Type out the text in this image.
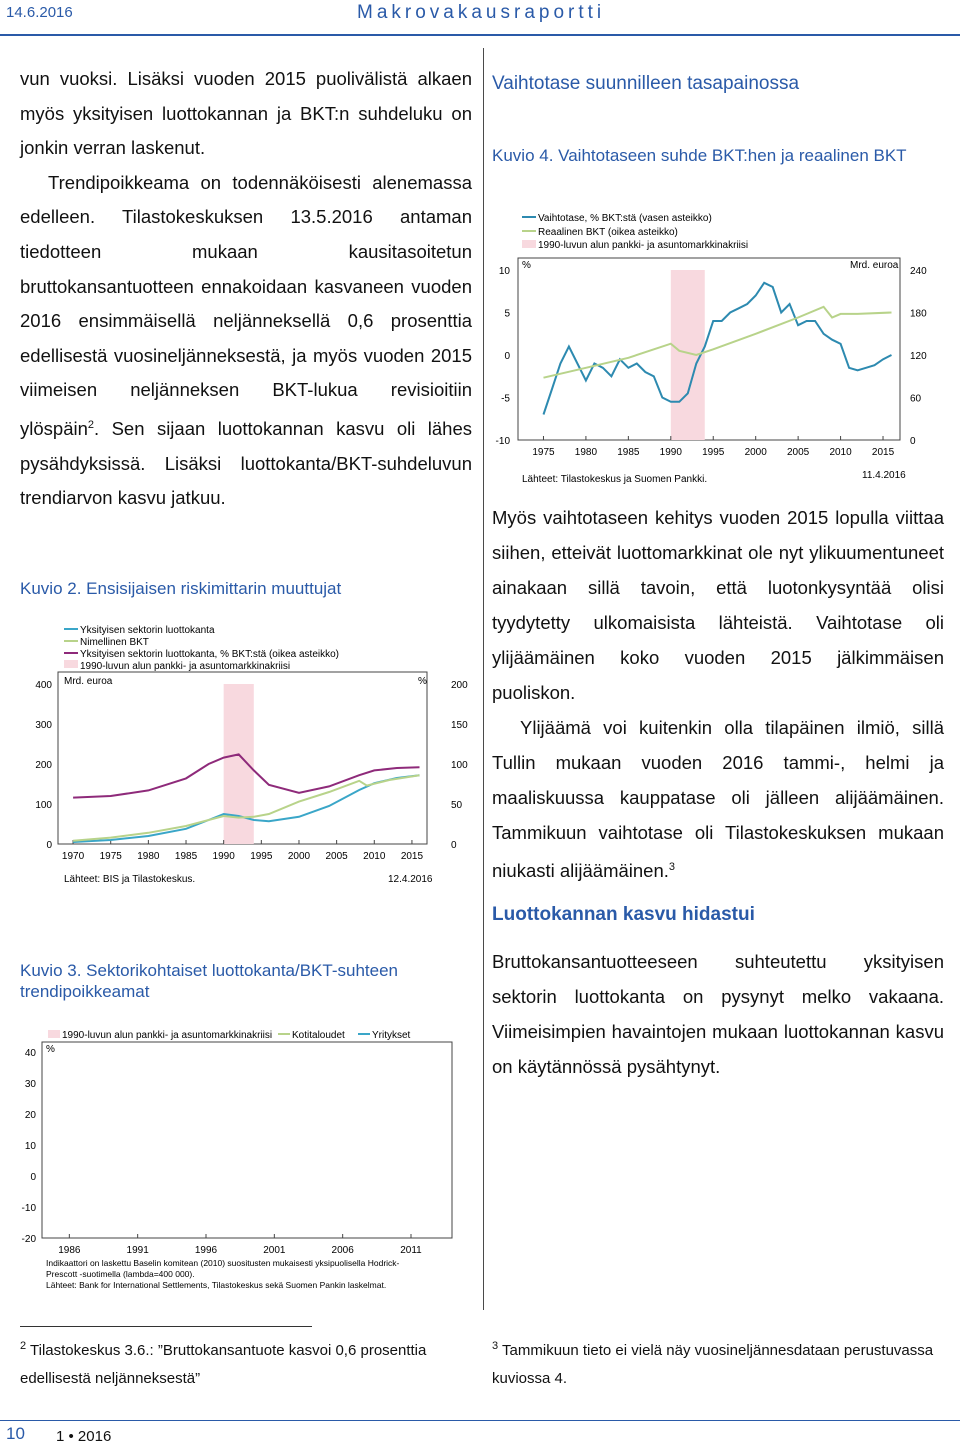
14.6.2016	Makrovakausraportti

vun vuoksi. Lisäksi vuoden 2015 puolivälistä alkaen myös yksityisen luottokannan ja BKT:n suhdeluku on jonkin verran laskenut.

Trendipoikkeama on todennäköisesti alenemassa edelleen. Tilastokeskuksen 13.5.2016 antaman tiedotteen mukaan kausitasoitetun bruttokansantuotteen ennakoidaan kasvaneen vuoden 2016 ensimmäisellä neljänneksellä 0,6 prosenttia edellisestä vuosineljänneksestä, ja myös vuoden 2015 viimeisen neljänneksen BKT-lukua revisioitiin ylöspäin$^2$. Sen sijaan luottokannan kasvu oli lähes pysähdyksissä. Lisäksi luottokanta/BKT-suhdeluvun trendiarvon kasvu jatkuu.

Kuvio 2. Ensisijaisen riskimittarin muuttujat
Yksityisen sektorin luottokanta
Nimellinen BKT
Yksityisen sektorin luottokanta, % BKT:stä (oikea asteikko)
1990-luvun alun pankki- ja asuntomarkkinakriisi
Mrd. euroa	%
0
100
200
300
400
0
50
100
150
200
1970 1975 1980 1985 1990 1995 2000 2005 2010 2015
Lähteet: BIS ja Tilastokeskus.	12.4.2016
Kuvio 3. Sektorikohtaiset luottokanta/BKT-suhteen trendipoikkeamat
1990-luvun alun pankki- ja asuntomarkkinakriisi Kotitaloudet	Yritykset
%
-20
-10
0
10
20
30
40
1986	1991	1996	2001	2006	2011
Indikaattori on laskettu Baselin komitean (2010) suositusten mukaisesti yksipuolisella Hodrick-
Prescott -suotimella (lambda=400 000).
Lähteet: Bank for International Settlements, Tilastokeskus sekä Suomen Pankin laskelmat.
Vaihtotase suunnilleen tasapainossa
Kuvio 4. Vaihtotaseen suhde BKT:hen ja reaalinen BKT
Vaihtotase, % BKT:stä (vasen asteikko)
Reaalinen BKT (oikea asteikko)
1990-luvun alun pankki- ja asuntomarkkinakriisi
%	Mrd. euroa
-10
-5
0
5
10
0
60
120
180
240
1975 1980 1985 1990 1995 2000 2005 2010 2015
Lähteet: Tilastokeskus ja Suomen Pankki.	11.4.2016

Myös vaihtotaseen kehitys vuoden 2015 lopulla viittaa siihen, etteivät luottomarkkinat ole nyt ylikuumentuneet ainakaan sillä tavoin, että luotonkysyntää olisi tyydytetty ulkomaisista lähteistä. Vaihtotase oli ylijäämäinen koko vuoden 2015 jälkimmäisen puoliskon.

Ylijäämä voi kuitenkin olla tilapäinen ilmiö, sillä Tullin mukaan vuoden 2016 tammi-, helmi ja maaliskuussa kauppatase oli jälleen alijäämäinen. Tammikuun vaihtotase oli Tilastokeskuksen mukaan niukasti alijäämäinen.$^3$

Luottokannan kasvu hidastui

Bruttokansantuotteeseen suhteutettu yksityisen sektorin luottokanta on pysynyt melko vakaana. Viimeisimpien havaintojen mukaan luottokannan kasvu on käytännössä pysähtynyt.

$^2$ Tilastokeskus 3.6.: ”Bruttokansantuote kasvoi 0,6 prosenttia edellisestä neljänneksestä”
$^3$ Tammikuun tieto ei vielä näy vuosineljännesdataan perustuvassa kuviossa 4.
10 1 • 2016
